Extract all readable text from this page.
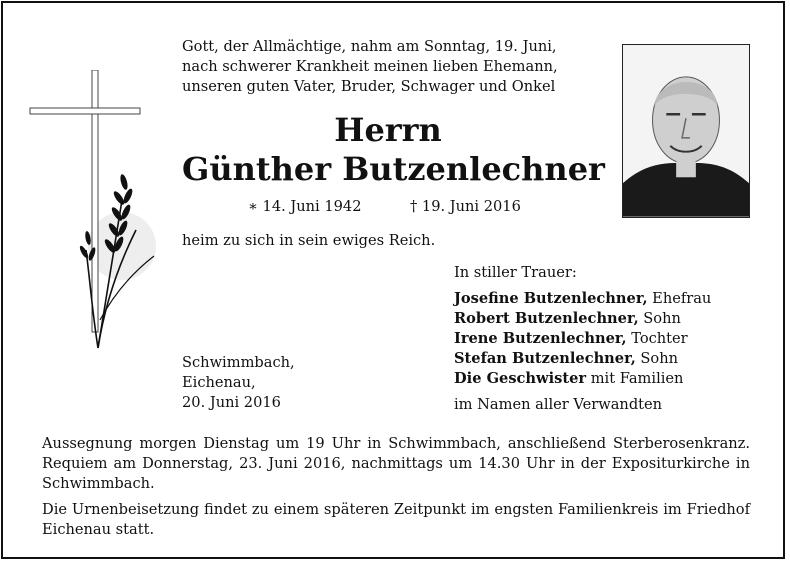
Gott, der Allmächtige, nahm am Sonntag, 19. Juni,
nach schwerer Krankheit meinen lieben Ehemann,
unseren guten Vater, Bruder, Schwager und Onkel
Herrn
Günther Butzenlechner
∗ 14. Juni 1942	† 19. Juni 2016
heim zu sich in sein ewiges Reich.
In stiller Trauer:
Josefine Butzenlechner, Ehefrau
Robert Butzenlechner, Sohn
Irene Butzenlechner, Tochter
Stefan Butzenlechner, Sohn
Die Geschwister mit Familien
Schwimmbach,
Eichenau,
20. Juni 2016	im Namen aller Verwandten
Aussegnung morgen Dienstag um 19 Uhr in Schwimmbach, anschließend Sterberosenkranz. Requiem am Donnerstag, 23. Juni 2016, nachmittags um 14.30 Uhr in der Expositurkirche in Schwimmbach.
Die Urnenbeisetzung findet zu einem späteren Zeitpunkt im engsten Familienkreis im Friedhof Eichenau statt.
